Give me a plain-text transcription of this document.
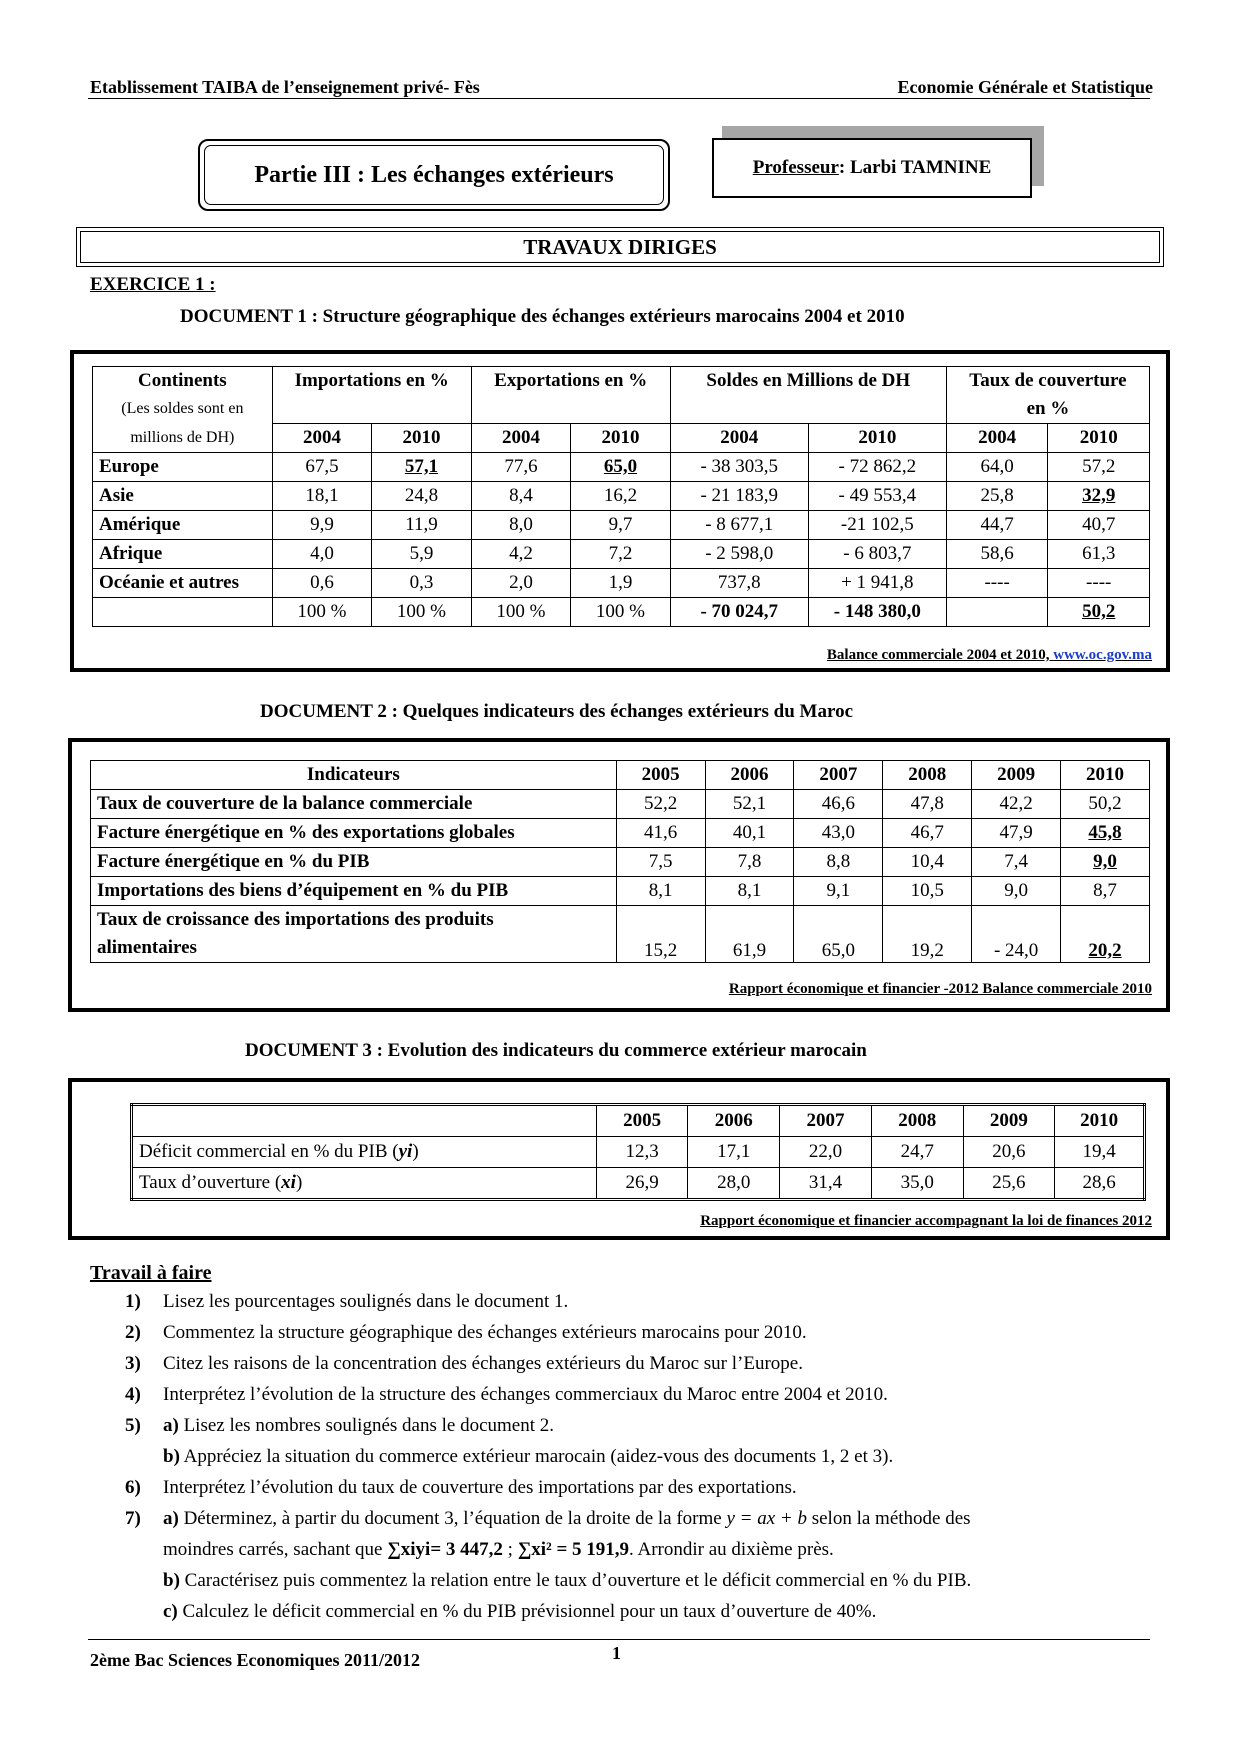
Etablissement TAIBA de l’enseignement privé- Fès	Economie Générale et Statistique
Partie III : Les échanges extérieurs	Professeur : Larbi TAMNINE
TRAVAUX DIRIGES
EXERCICE 1 :
DOCUMENT 1 : Structure géographique des échanges extérieurs marocains 2004 et 2010
Continents	Importations en %		Exportations en %		Soldes en Millions de DH		Taux de couverture	
(Les soldes sont en							en %	
millions de DH)	2004	2010	2004	2010	2004	2010	2004	2010
Europe	67,5	57,1	77,6	65,0	- 38 303,5	- 72 862,2	64,0	57,2
Asie	18,1	24,8	8,4	16,2	- 21 183,9	- 49 553,4	25,8	32,9
Amérique	9,9	11,9	8,0	9,7	- 8 677,1	-21 102,5	44,7	40,7
Afrique	4,0	5,9	4,2	7,2	- 2 598,0	- 6 803,7	58,6	61,3
Océanie et autres	0,6	0,3	2,0	1,9	737,8	+ 1 941,8	----	----
	100 %	100 %	100 %	100 %	- 70 024,7	- 148 380,0		50,2
Balance commerciale 2004 et 2010, www.oc.gov.ma
DOCUMENT 2 : Quelques indicateurs des échanges extérieurs du Maroc
Indicateurs	2005	2006	2007	2008	2009	2010
Taux de couverture de la balance commerciale	52,2	52,1	46,6	47,8	42,2	50,2
Facture énergétique en % des exportations globales	41,6	40,1	43,0	46,7	47,9	45,8
Facture énergétique en % du PIB	7,5	7,8	8,8	10,4	7,4	9,0
Importations des biens d’équipement en % du PIB	8,1	8,1	9,1	10,5	9,0	8,7

Taux de croissance des importations des produits
alimentaires	15,2	61,9	65,0	19,2	- 24,0	20,2
Rapport économique et financier -2012 Balance commerciale 2010
DOCUMENT 3 : Evolution des indicateurs du commerce extérieur marocain
	2005	2006	2007	2008	2009	2010
Déficit commercial en % du PIB (yi)	12,3	17,1	22,0	24,7	20,6	19,4
Taux d’ouverture (xi)	26,9	28,0	31,4	35,0	25,6	28,6
Rapport économique et financier accompagnant la loi de finances 2012
Travail à faire
1) Lisez les pourcentages soulignés dans le document 1.
2) Commentez la structure géographique des échanges extérieurs marocains pour 2010.
3) Citez les raisons de la concentration des échanges extérieurs du Maroc sur l’Europe.
4) Interprétez l’évolution de la structure des échanges commerciaux du Maroc entre 2004 et 2010.
5) a) Lisez les nombres soulignés dans le document 2.
b) Appréciez la situation du commerce extérieur marocain (aidez-vous des documents 1, 2 et 3).
6) Interprétez l’évolution du taux de couverture des importations par des exportations.
7) a) Déterminez, à partir du document 3, l’équation de la droite de la forme y = ax + b selon la méthode des
moindres carrés, sachant que ∑xiyi= 3 447,2 ; ∑xi² = 5 191,9. Arrondir au dixième près.
b) Caractérisez puis commentez la relation entre le taux d’ouverture et le déficit commercial en % du PIB.
c) Calculez le déficit commercial en % du PIB prévisionnel pour un taux d’ouverture de 40%.
2ème Bac Sciences Economiques 2011/2012	1
